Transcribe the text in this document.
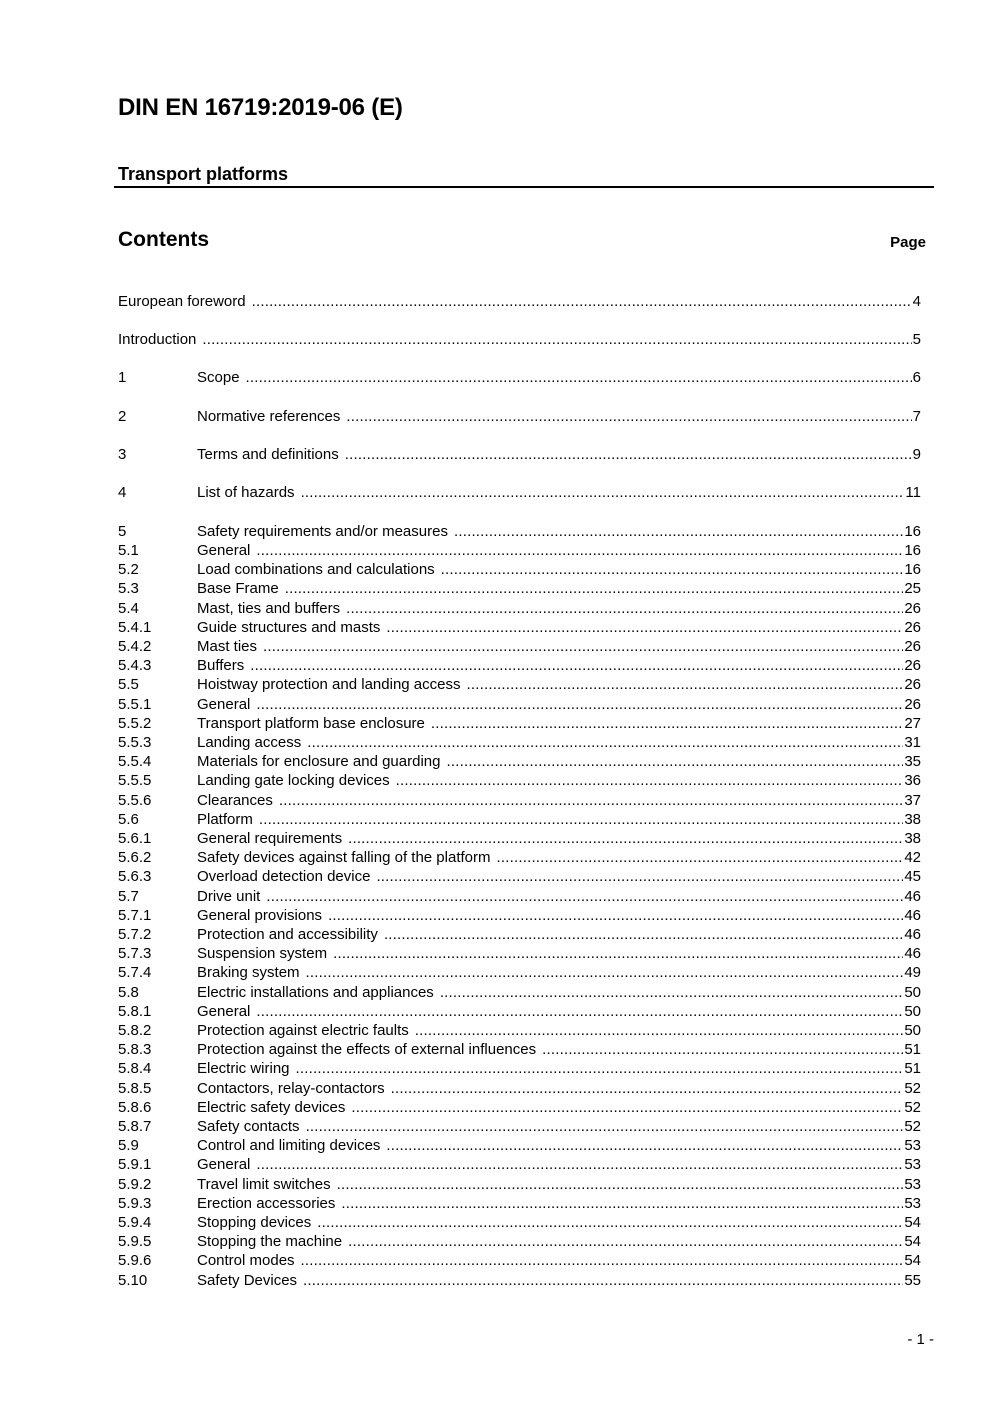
DIN EN 16719:2019-06 (E)
Transport platforms
Contents	Page
European foreword .....	4
Introduction .....	5
1	Scope .....	6
2	Normative references .....	7
3	Terms and definitions .....	9
4	List of hazards .....	11
5	Safety requirements and/or measures .....	16
5.1	General .....	16
5.2	Load combinations and calculations .....	16
5.3	Base Frame .....	25
5.4	Mast, ties and buffers .....	26
5.4.1	Guide structures and masts .....	26
5.4.2	Mast ties .....	26
5.4.3	Buffers .....	26
5.5	Hoistway protection and landing access .....	26
5.5.1	General .....	26
5.5.2	Transport platform base enclosure .....	27
5.5.3	Landing access .....	31
5.5.4	Materials for enclosure and guarding .....	35
5.5.5	Landing gate locking devices .....	36
5.5.6	Clearances .....	37
5.6	Platform .....	38
5.6.1	General requirements .....	38
5.6.2	Safety devices against falling of the platform .....	42
5.6.3	Overload detection device .....	45
5.7	Drive unit .....	46
5.7.1	General provisions .....	46
5.7.2	Protection and accessibility .....	46
5.7.3	Suspension system .....	46
5.7.4	Braking system .....	49
5.8	Electric installations and appliances .....	50
5.8.1	General .....	50
5.8.2	Protection against electric faults .....	50
5.8.3	Protection against the effects of external influences .....	51
5.8.4	Electric wiring .....	51
5.8.5	Contactors, relay-contactors .....	52
5.8.6	Electric safety devices .....	52
5.8.7	Safety contacts .....	52
5.9	Control and limiting devices .....	53
5.9.1	General .....	53
5.9.2	Travel limit switches .....	53
5.9.3	Erection accessories .....	53
5.9.4	Stopping devices .....	54
5.9.5	Stopping the machine .....	54
5.9.6	Control modes .....	54
5.10	Safety Devices .....	55
- 1 -
